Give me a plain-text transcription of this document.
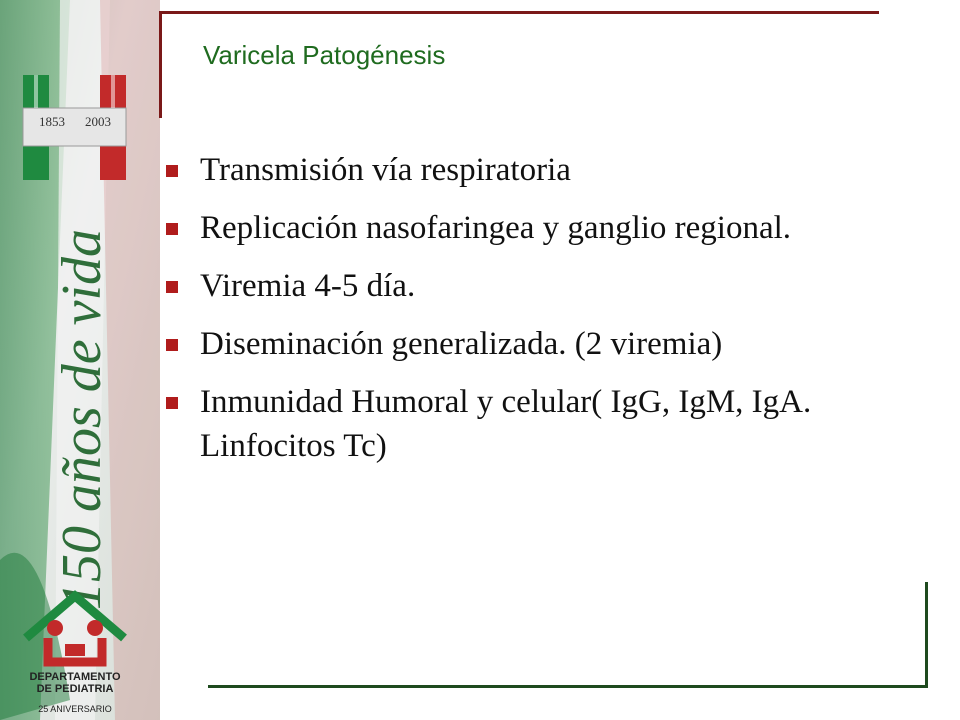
1853 2003
150 años de vida
DEPARTAMENTO
DE PEDIATRIA
25 ANIVERSARIO
Varicela Patogénesis
Transmisión vía respiratoria
Replicación nasofaringea y ganglio regional.
Viremia 4-5 día.
Diseminación generalizada. (2 viremia)
Inmunidad Humoral y celular( IgG, IgM, IgA. Linfocitos Tc)
